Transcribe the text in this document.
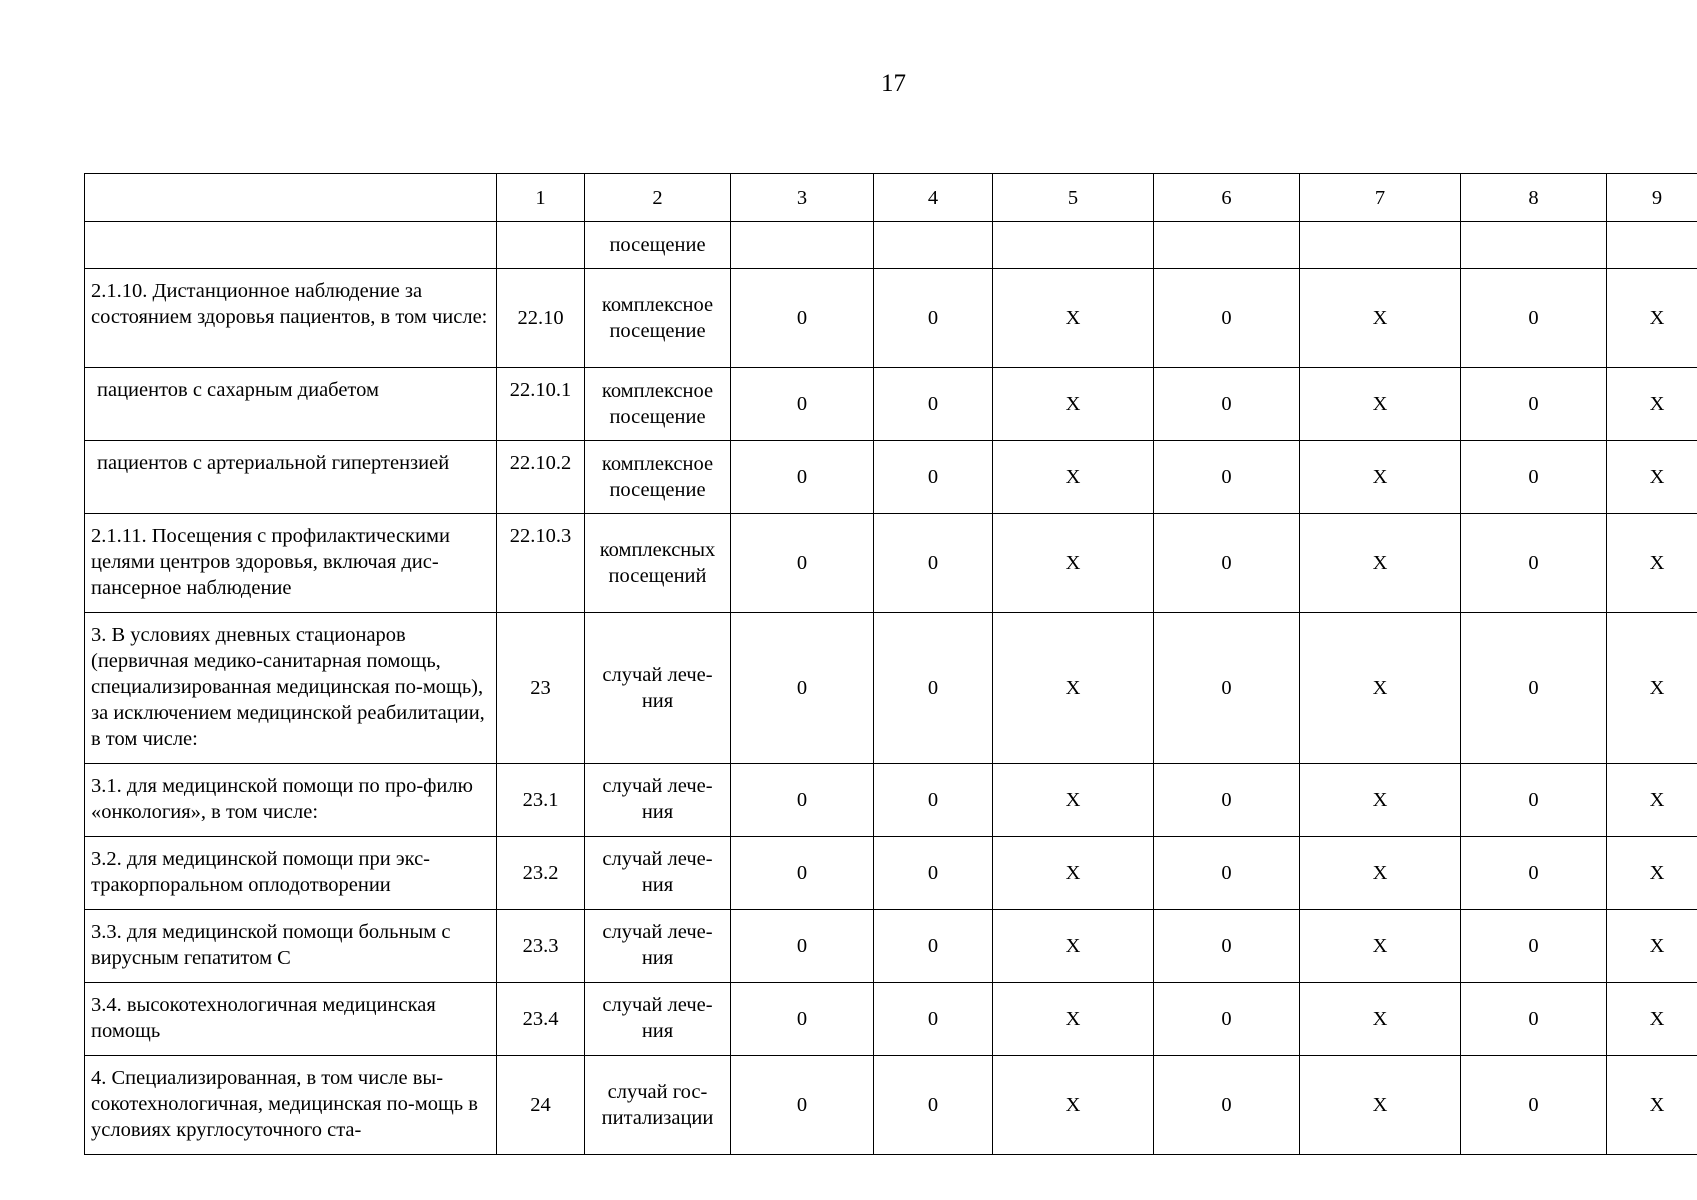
17
	1	2	3	4	5	6	7	8	9
		посещение							
2.1.10. Дистанционное наблюдение за состоянием здоровья пациентов, в том числе:	22.10	комплексное посещение	0	0	Х	0	Х	0	Х
пациентов с сахарным диабетом	22.10.1	комплексное посещение	0	0	Х	0	Х	0	Х
пациентов с артериальной гипертензией	22.10.2	комплексное посещение	0	0	Х	0	Х	0	Х
2.1.11. Посещения с профилактическими целями центров здоровья, включая дис-пансерное наблюдение	22.10.3	комплексных посещений	0	0	Х	0	Х	0	Х
3. В условиях дневных стационаров (первичная медико-санитарная помощь, специализированная медицинская по-мощь), за исключением медицинской реабилитации, в том числе:	23	случай лече-ния	0	0	Х	0	Х	0	Х
3.1. для медицинской помощи по про-филю «онкология», в том числе:	23.1	случай лече-ния	0	0	Х	0	Х	0	Х
3.2. для медицинской помощи при экс-тракорпоральном оплодотворении	23.2	случай лече-ния	0	0	Х	0	Х	0	Х
3.3. для медицинской помощи больным с вирусным гепатитом С	23.3	случай лече-ния	0	0	Х	0	Х	0	Х
3.4. высокотехнологичная медицинская помощь	23.4	случай лече-ния	0	0	Х	0	Х	0	Х
4. Специализированная, в том числе вы-сокотехнологичная, медицинская по-мощь в условиях круглосуточного ста-	24	случай гос-питализации	0	0	Х	0	Х	0	Х
